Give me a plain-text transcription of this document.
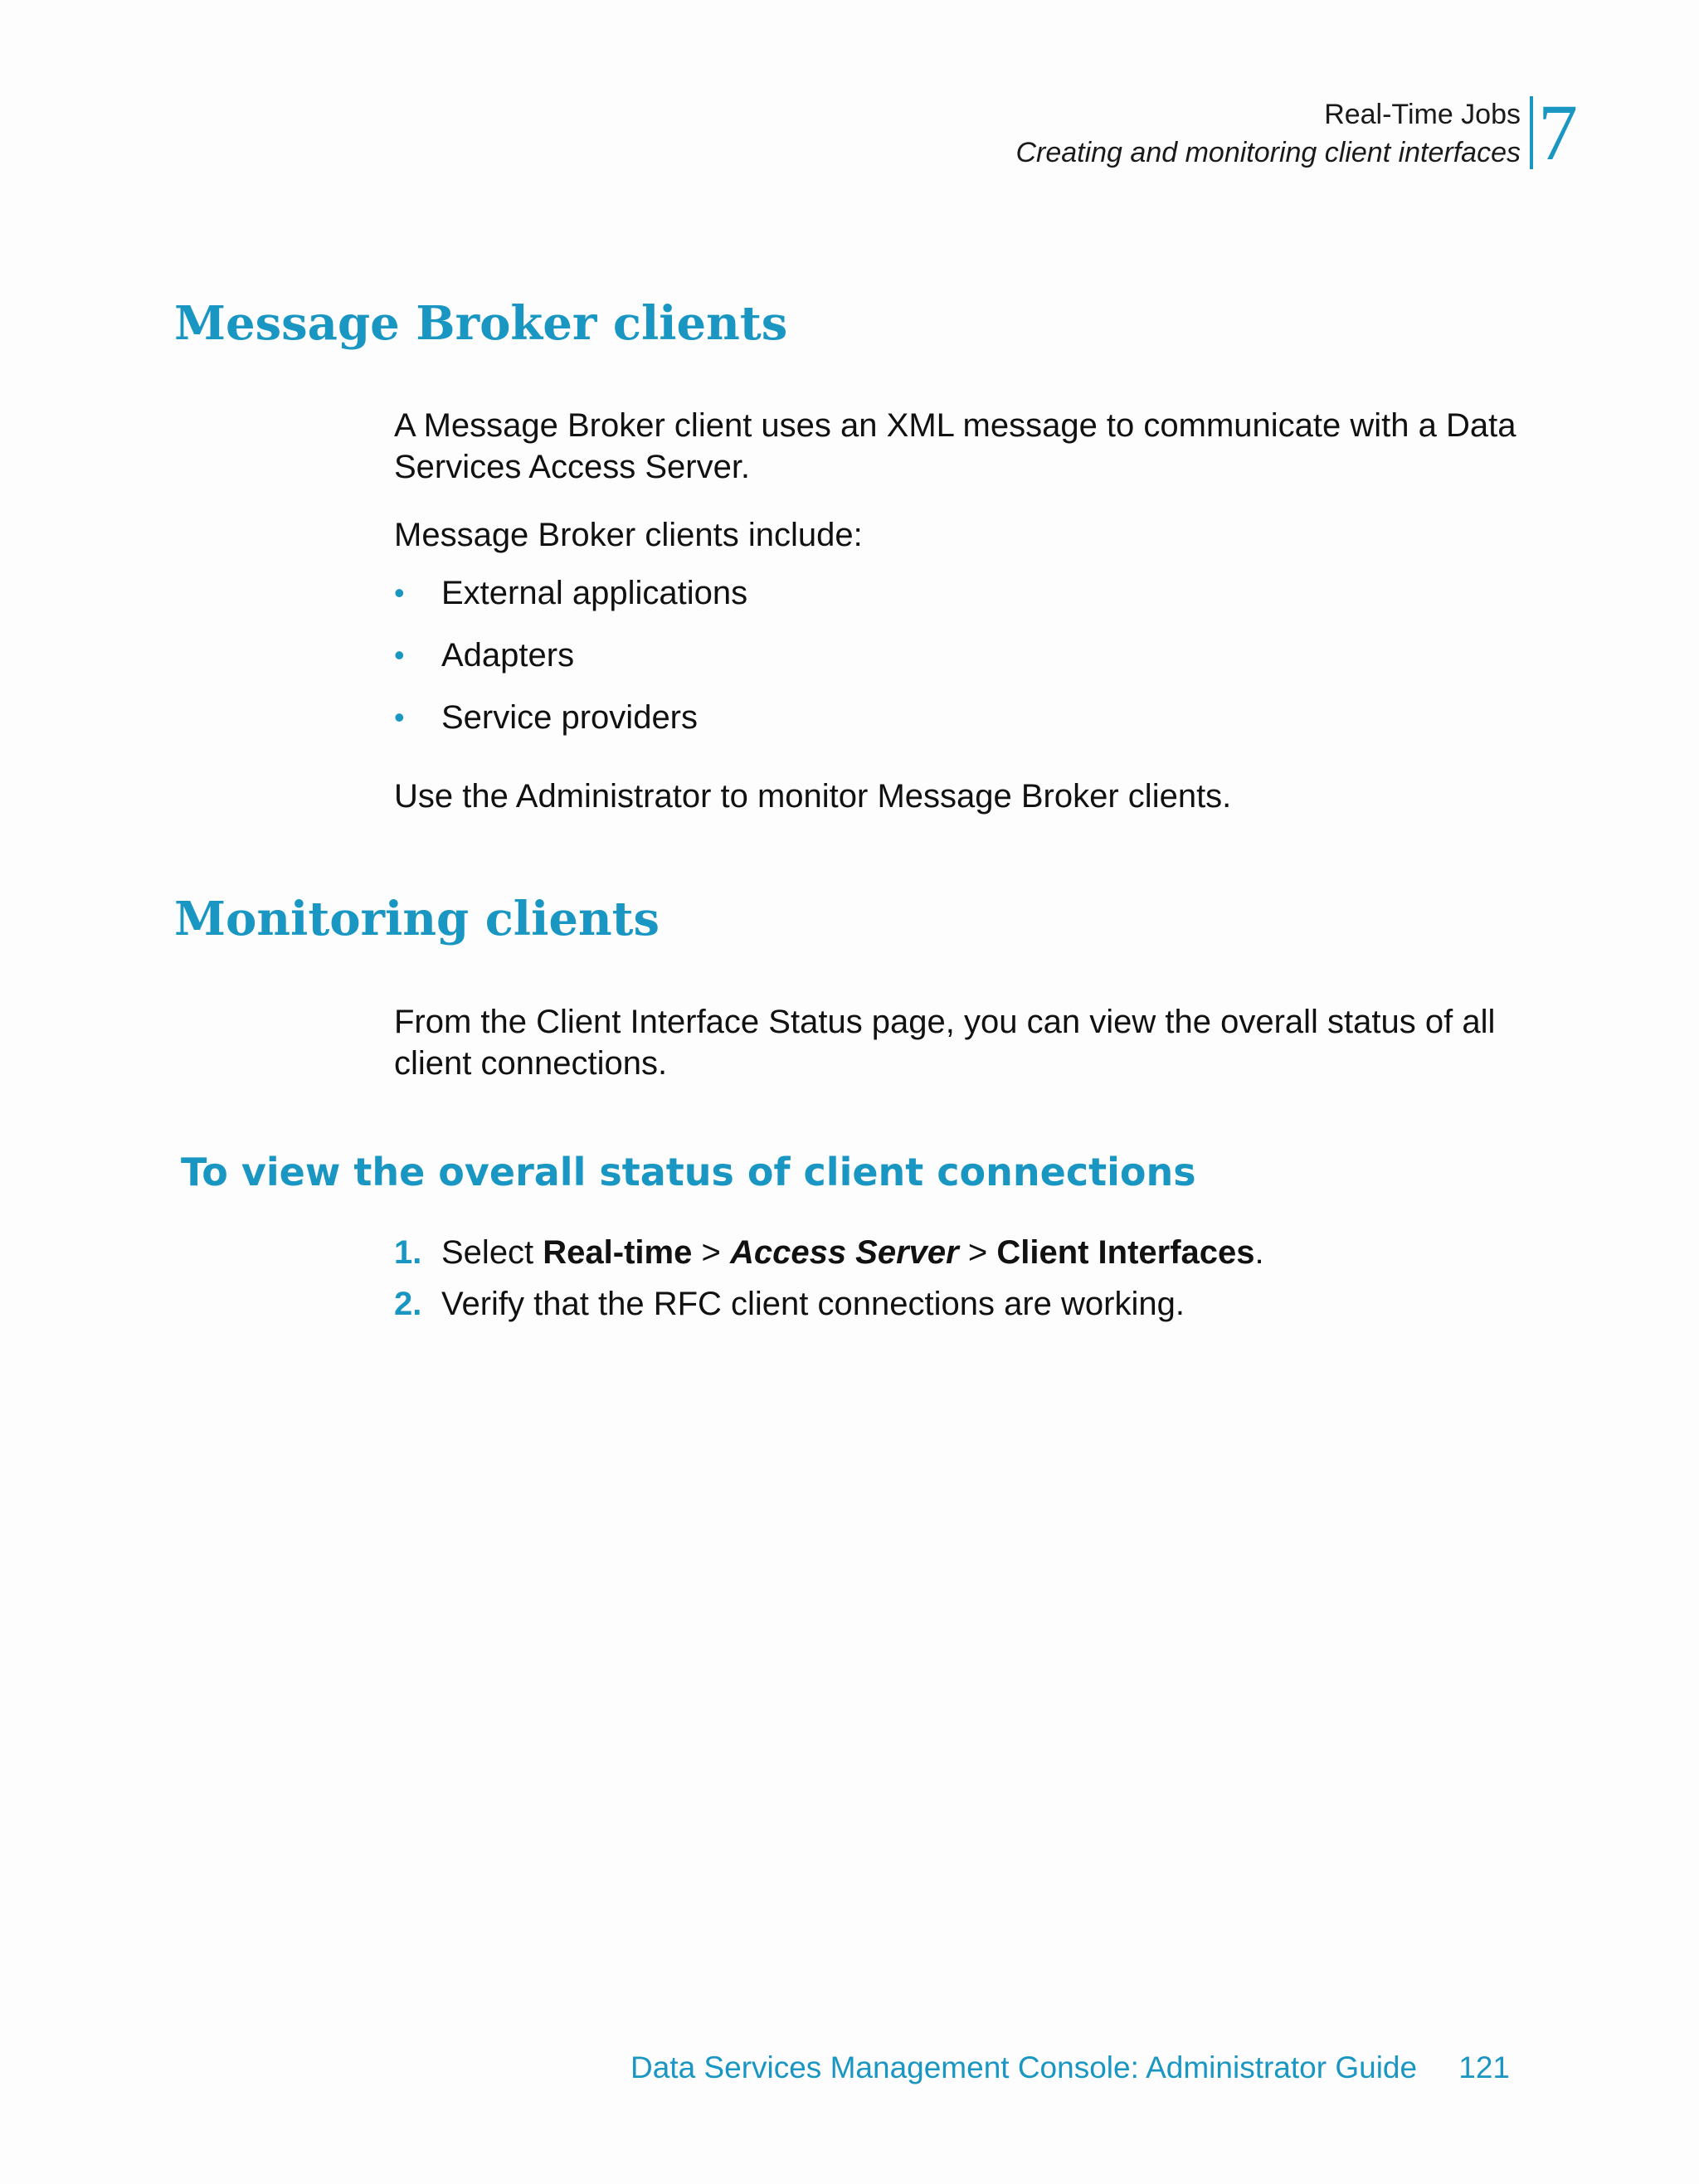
Real-Time Jobs
Creating and monitoring client interfaces 7
Message Broker clients

A Message Broker client uses an XML message to communicate with a Data Services Access Server.

Message Broker clients include:

• External applications
• Adapters
• Service providers

Use the Administrator to monitor Message Broker clients.

Monitoring clients

From the Client Interface Status page, you can view the overall status of all client connections.

To view the overall status of client connections
1. Select Real-time > Access Server > Client Interfaces.
2. Verify that the RFC client connections are working.
Data Services Management Console: Administrator Guide 121
